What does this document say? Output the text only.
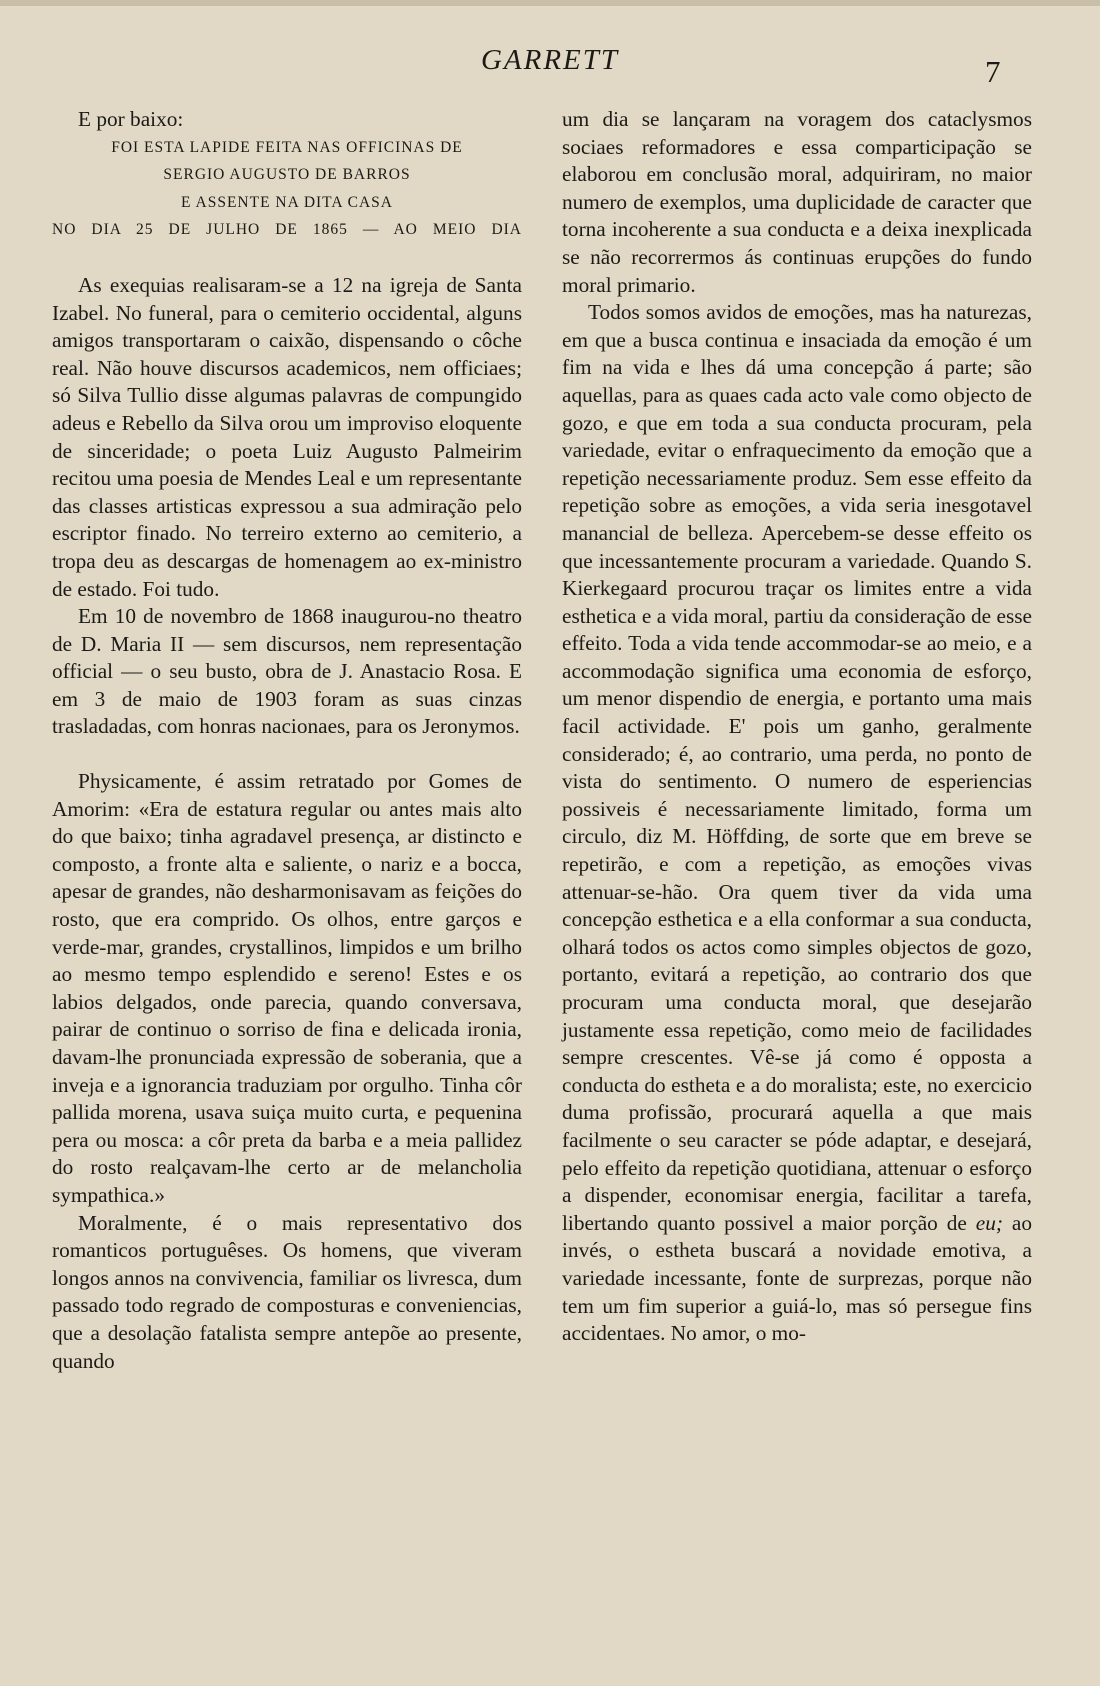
GARRETT	7

E por baixo:

FOI ESTA LAPIDE FEITA NAS OFFICINAS DE
SERGIO AUGUSTO DE BARROS
E ASSENTE NA DITA CASA
NO DIA 25 DE JULHO DE 1865 — AO MEIO DIA

As exequias realisaram-se a 12 na igreja de Santa Izabel. No funeral, para o cemiterio occidental, alguns amigos transportaram o caixão, dispensando o côche real. Não houve discursos academicos, nem officiaes; só Silva Tullio disse algumas palavras de compungido adeus e Rebello da Silva orou um improviso eloquente de sinceridade; o poeta Luiz Augusto Palmeirim recitou uma poesia de Mendes Leal e um representante das classes artisticas expressou a sua admiração pelo escriptor finado. No terreiro externo ao cemiterio, a tropa deu as descargas de homenagem ao ex-ministro de estado. Foi tudo.

Em 10 de novembro de 1868 inaugurou-no theatro de D. Maria II — sem discursos, nem representação official — o seu busto, obra de J. Anastacio Rosa. E em 3 de maio de 1903 foram as suas cinzas trasladadas, com honras nacionaes, para os Jeronymos.

Physicamente, é assim retratado por Gomes de Amorim: «Era de estatura regular ou antes mais alto do que baixo; tinha agradavel presença, ar distincto e composto, a fronte alta e saliente, o nariz e a bocca, apesar de grandes, não desharmonisavam as feições do rosto, que era comprido. Os olhos, entre garços e verde-mar, grandes, crystallinos, limpidos e um brilho ao mesmo tempo esplendido e sereno! Estes e os labios delgados, onde parecia, quando conversava, pairar de continuo o sorriso de fina e delicada ironia, davam-lhe pronunciada expressão de soberania, que a inveja e a ignorancia traduziam por orgulho. Tinha côr pallida morena, usava suiça muito curta, e pequenina pera ou mosca: a côr preta da barba e a meia pallidez do rosto realçavam-lhe certo ar de melancholia sympathica.»

Moralmente, é o mais representativo dos romanticos portuguêses. Os homens, que viveram longos annos na convivencia, familiar os livresca, dum passado todo regrado de composturas e conveniencias, que a desolação fatalista sempre antepõe ao presente, quando

um dia se lançaram na voragem dos cataclysmos sociaes reformadores e essa comparticipação se elaborou em conclusão moral, adquiriram, no maior numero de exemplos, uma duplicidade de caracter que torna incoherente a sua conducta e a deixa inexplicada se não recorrermos ás continuas erupções do fundo moral primario.

Todos somos avidos de emoções, mas ha naturezas, em que a busca continua e insaciada da emoção é um fim na vida e lhes dá uma concepção á parte; são aquellas, para as quaes cada acto vale como objecto de gozo, e que em toda a sua conducta procuram, pela variedade, evitar o enfraquecimento da emoção que a repetição necessariamente produz. Sem esse effeito da repetição sobre as emoções, a vida seria inesgotavel manancial de belleza. Apercebem-se desse effeito os que incessantemente procuram a variedade. Quando S. Kierkegaard procurou traçar os limites entre a vida esthetica e a vida moral, partiu da consideração de esse effeito. Toda a vida tende accommodar-se ao meio, e a accommodação significa uma economia de esforço, um menor dispendio de energia, e portanto uma mais facil actividade. E' pois um ganho, geralmente considerado; é, ao contrario, uma perda, no ponto de vista do sentimento. O numero de esperiencias possiveis é necessariamente limitado, forma um circulo, diz M. Höffding, de sorte que em breve se repetirão, e com a repetição, as emoções vivas attenuar-se-hão. Ora quem tiver da vida uma concepção esthetica e a ella conformar a sua conducta, olhará todos os actos como simples objectos de gozo, portanto, evitará a repetição, ao contrario dos que procuram uma conducta moral, que desejarão justamente essa repetição, como meio de facilidades sempre crescentes. Vê-se já como é opposta a conducta do estheta e a do moralista; este, no exercicio duma profissão, procurará aquella a que mais facilmente o seu caracter se póde adaptar, e desejará, pelo effeito da repetição quotidiana, attenuar o esforço a dispender, economisar energia, facilitar a tarefa, libertando quanto possivel a maior porção de eu; ao invés, o estheta buscará a novidade emotiva, a variedade incessante, fonte de surprezas, porque não tem um fim superior a guiá-lo, mas só persegue fins accidentaes. No amor, o mo-
